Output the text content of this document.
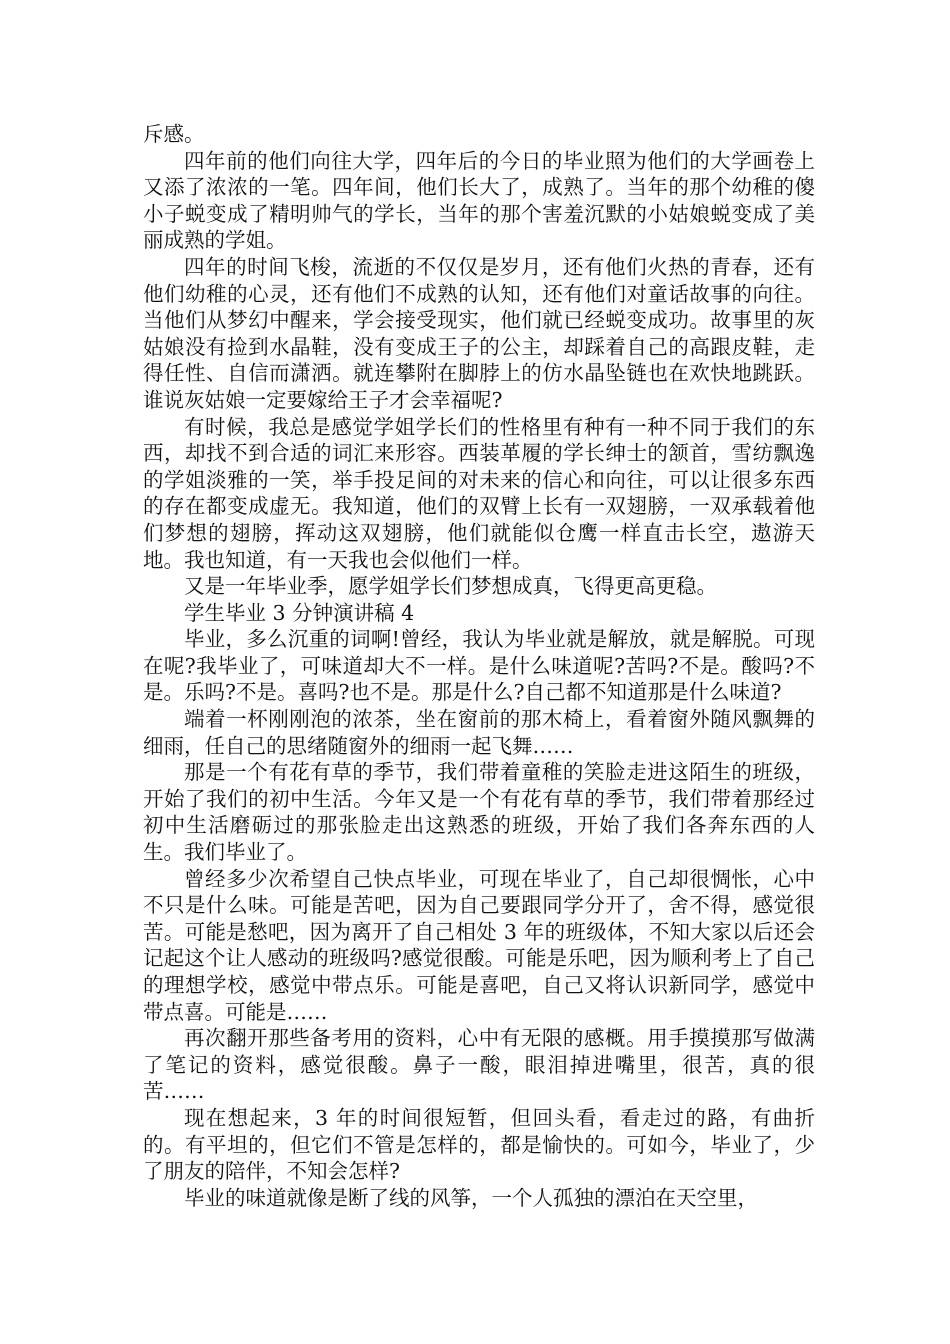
斥感。

四年前的他们向往大学，四年后的今日的毕业照为他们的大学画卷上又添了浓浓的一笔。四年间，他们长大了，成熟了。当年的那个幼稚的傻小子蜕变成了精明帅气的学长，当年的那个害羞沉默的小姑娘蜕变成了美丽成熟的学姐。

四年的时间飞梭，流逝的不仅仅是岁月，还有他们火热的青春，还有他们幼稚的心灵，还有他们不成熟的认知，还有他们对童话故事的向往。当他们从梦幻中醒来，学会接受现实，他们就已经蜕变成功。故事里的灰姑娘没有捡到水晶鞋，没有变成王子的公主，却踩着自己的高跟皮鞋，走得任性、自信而潇洒。就连攀附在脚脖上的仿水晶坠链也在欢快地跳跃。谁说灰姑娘一定要嫁给王子才会幸福呢?

有时候，我总是感觉学姐学长们的性格里有种有一种不同于我们的东西，却找不到合适的词汇来形容。西装革履的学长绅士的颔首，雪纺飘逸的学姐淡雅的一笑，举手投足间的对未来的信心和向往，可以让很多东西的存在都变成虚无。我知道，他们的双臂上长有一双翅膀，一双承载着他们梦想的翅膀，挥动这双翅膀，他们就能似仓鹰一样直击长空，遨游天地。我也知道，有一天我也会似他们一样。

又是一年毕业季，愿学姐学长们梦想成真，飞得更高更稳。

学生毕业 3 分钟演讲稿 4

毕业，多么沉重的词啊!曾经，我认为毕业就是解放，就是解脱。可现在呢?我毕业了，可味道却大不一样。是什么味道呢?苦吗?不是。酸吗?不是。乐吗?不是。喜吗?也不是。那是什么?自己都不知道那是什么味道?

端着一杯刚刚泡的浓茶，坐在窗前的那木椅上，看着窗外随风飘舞的细雨，任自己的思绪随窗外的细雨一起飞舞……

那是一个有花有草的季节，我们带着童稚的笑脸走进这陌生的班级，开始了我们的初中生活。今年又是一个有花有草的季节，我们带着那经过初中生活磨砺过的那张脸走出这熟悉的班级，开始了我们各奔东西的人生。我们毕业了。

曾经多少次希望自己快点毕业，可现在毕业了，自己却很惆怅，心中不只是什么味。可能是苦吧，因为自己要跟同学分开了，舍不得，感觉很苦。可能是愁吧，因为离开了自己相处 3 年的班级体，不知大家以后还会记起这个让人感动的班级吗?感觉很酸。可能是乐吧，因为顺利考上了自己的理想学校，感觉中带点乐。可能是喜吧，自己又将认识新同学，感觉中带点喜。可能是……

再次翻开那些备考用的资料，心中有无限的感概。用手摸摸那写做满了笔记的资料，感觉很酸。鼻子一酸，眼泪掉进嘴里，很苦，真的很苦……

现在想起来，3 年的时间很短暂，但回头看，看走过的路，有曲折的。有平坦的，但它们不管是怎样的，都是愉快的。可如今，毕业了，少了朋友的陪伴，不知会怎样?

毕业的味道就像是断了线的风筝，一个人孤独的漂泊在天空里，
